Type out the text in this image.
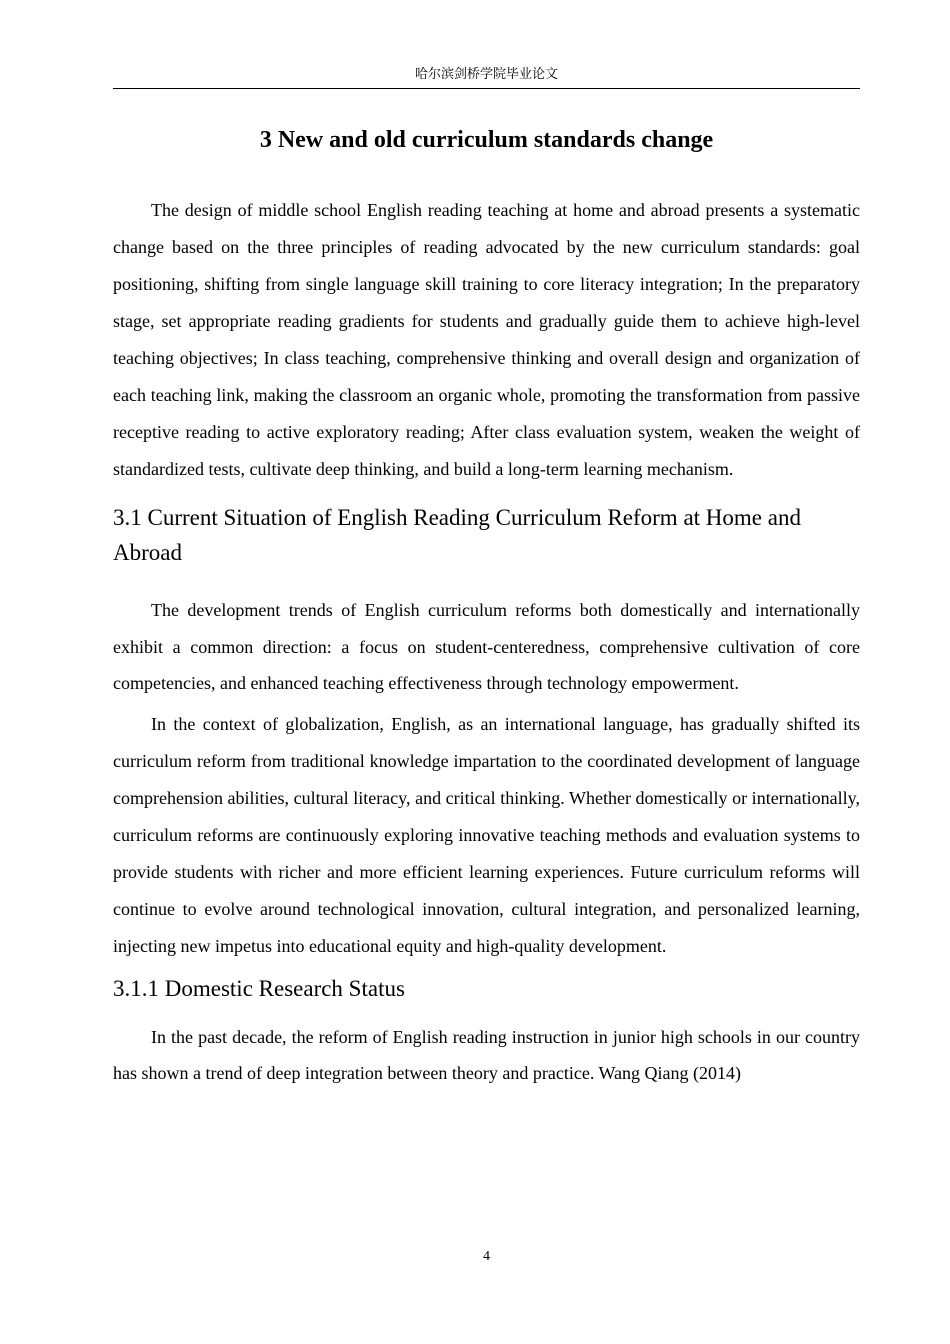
哈尔滨剑桥学院毕业论文
3 New and old curriculum standards change

The design of middle school English reading teaching at home and abroad presents a systematic change based on the three principles of reading advocated by the new curriculum standards: goal positioning, shifting from single language skill training to core literacy integration; In the preparatory stage, set appropriate reading gradients for students and gradually guide them to achieve high-level teaching objectives; In class teaching, comprehensive thinking and overall design and organization of each teaching link, making the classroom an organic whole, promoting the transformation from passive receptive reading to active exploratory reading; After class evaluation system, weaken the weight of standardized tests, cultivate deep thinking, and build a long-term learning mechanism.

3.1 Current Situation of English Reading Curriculum Reform at Home and Abroad

The development trends of English curriculum reforms both domestically and internationally exhibit a common direction: a focus on student-centeredness, comprehensive cultivation of core competencies, and enhanced teaching effectiveness through technology empowerment.

In the context of globalization, English, as an international language, has gradually shifted its curriculum reform from traditional knowledge impartation to the coordinated development of language comprehension abilities, cultural literacy, and critical thinking. Whether domestically or internationally, curriculum reforms are continuously exploring innovative teaching methods and evaluation systems to provide students with richer and more efficient learning experiences. Future curriculum reforms will continue to evolve around technological innovation, cultural integration, and personalized learning, injecting new impetus into educational equity and high-quality development.

3.1.1 Domestic Research Status

In the past decade, the reform of English reading instruction in junior high schools in our country has shown a trend of deep integration between theory and practice. Wang Qiang (2014)

4
